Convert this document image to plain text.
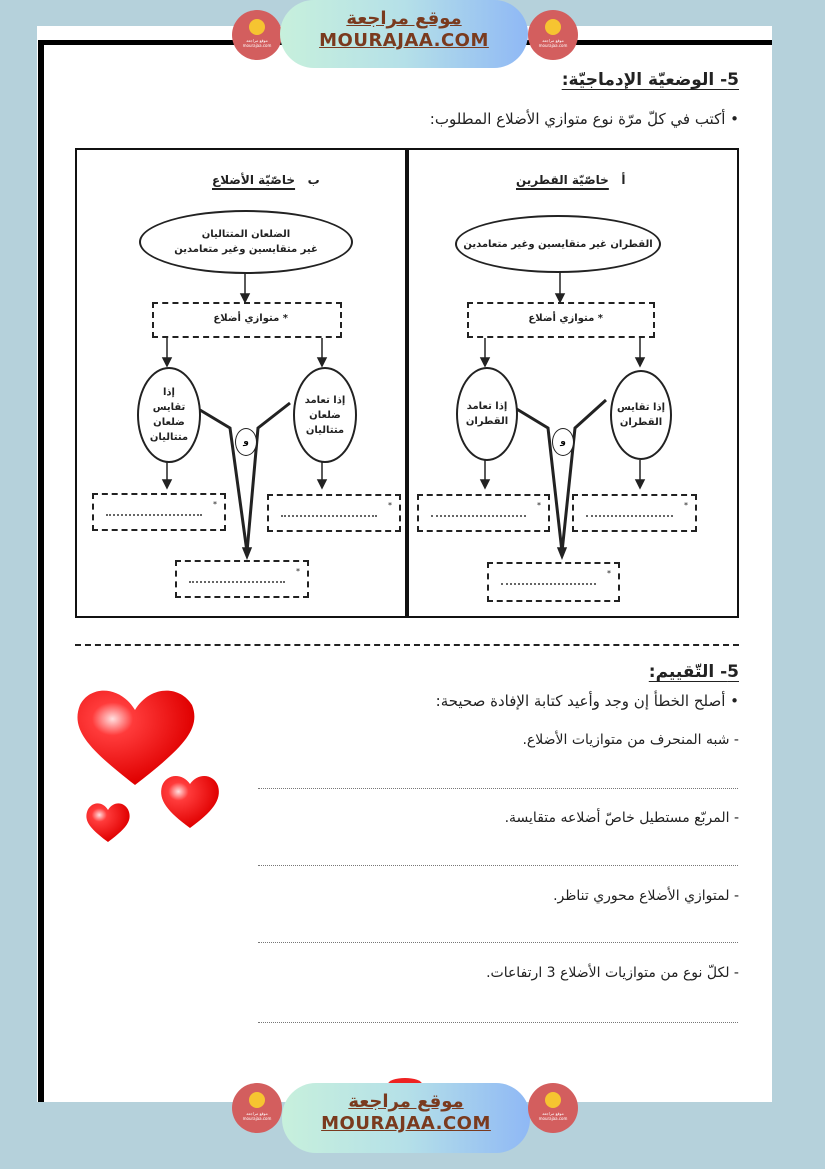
موقع مراجعة mourajaa.com
موقع مراجعة
MOURAJAA.COM	موقع مراجعة mourajaa.com
5- الوضعيّة الإدماجيّة:
• أكتب في كلّ مرّة نوع متوازي الأضلاع المطلوب:
أ   خاصّيّة القطرين
القطران غير متقايسين وغير متعامدين
* متوازي أضلاع
إذا تعامد القطران
إذا تقايس القطران
و
*	*
*
ب   خاصّيّة الأضلاع
الضلعان المتتاليان
غير متقايسين وغير متعامدين
* متوازي أضلاع
إذا تقايس ضلعان متتاليان
إذا تعامد ضلعان متتاليان
و
*	*
*
5- التّقييم:
• أصلح الخطأ إن وجد وأعيد كتابة الإفادة صحيحة:
- شبه المنحرف من متوازيات الأضلاع.
- المربّع مستطيل خاصّ أضلاعه متقايسة.
- لمتوازي الأضلاع محوري تناظر.
- لكلّ نوع من متوازيات الأضلاع 3 ارتفاعات.
موقع مراجعة mourajaa.com
موقع مراجعة
MOURAJAA.COM	موقع مراجعة mourajaa.com
